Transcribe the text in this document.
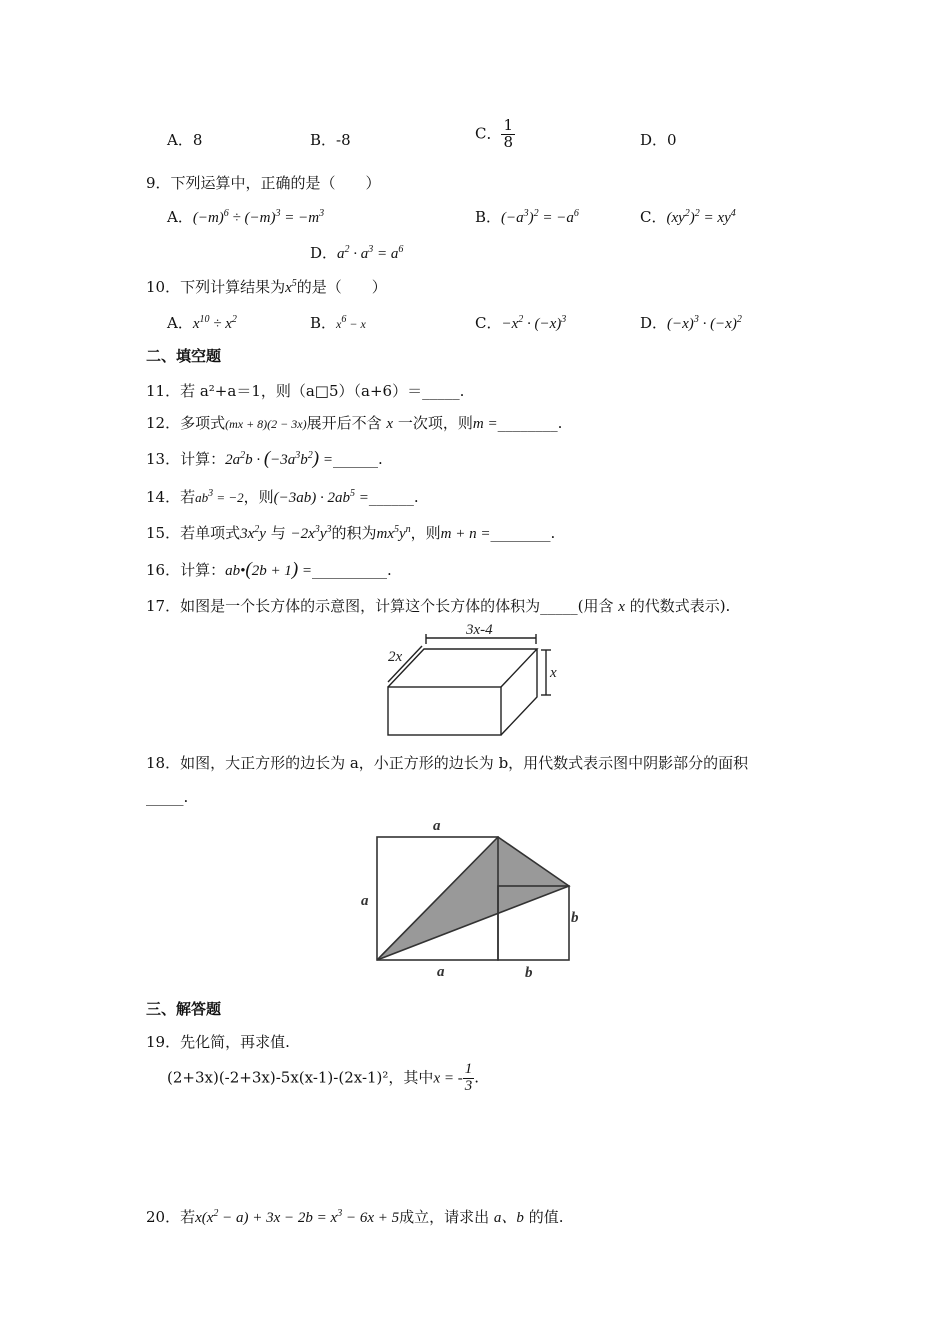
A．8	B．-8	C． $\frac{1}{8}$	D．0
9．下列运算中，正确的是（　　）
A．$(-m)^6 \div (-m)^3 = -m^3$	B．$(-a^3)^2 = -a^6$	C．$(xy^2)^2 = xy^4$
D．$a^2 \cdot a^3 = a^6$
10．下列计算结果为$x^5$的是（　　）
A．$x^{10} \div x^2$	B．$x^6 - x$	C．$-x^2 \cdot (-x)^3$	D．$(-x)^3 \cdot (-x)^2$
二、填空题
11．若 a²+a＝1，则（a□5）（a+6）＝_____.
12．多项式(mx + 8)(2 − 3x)展开后不含 x 一次项，则m =________.
13．计算：$2a^2b \cdot (-3a^3b^2)$ =______.
14．若$ab^3 = -2$，则$(-3ab) \cdot 2ab^5$ =______.
15．若单项式$3x^2y$ 与 $-2x^3y^3$的积为$mx^5y^n$，则m + n =________.
16．计算：ab•(2b + 1) =__________.
17．如图是一个长方体的示意图，计算这个长方体的体积为_____(用含 x 的代数式表示).
3x-4
2x
x
18．如图，大正方形的边长为 a，小正方形的边长为 b，用代数式表示图中阴影部分的面积
_____.
a
a
a	b
b
三、解答题
19．先化简，再求值.
(2+3x)(-2+3x)-5x(x-1)-(2x-1)²，其中x = - $\frac{1}{3}$ .
20．若$x(x^2 - a) + 3x - 2b = x^3 - 6x + 5$成立，请求出 a、b 的值.
